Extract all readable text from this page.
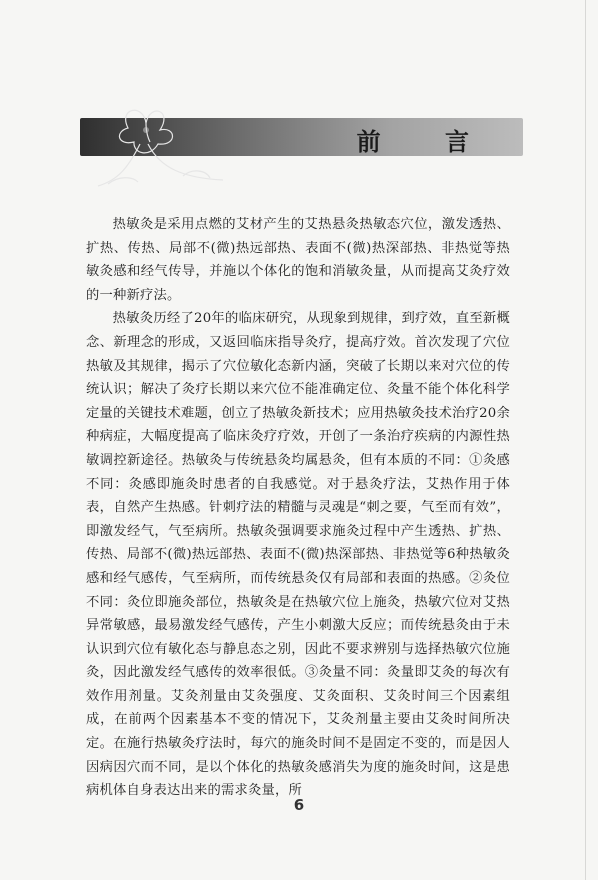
前 言

热敏灸是采用点燃的艾材产生的艾热悬灸热敏态穴位，激发透热、扩热、传热、局部不(微)热远部热、表面不(微)热深部热、非热觉等热敏灸感和经气传导，并施以个体化的饱和消敏灸量，从而提高艾灸疗效的一种新疗法。

热敏灸历经了20年的临床研究，从现象到规律，到疗效，直至新概念、新理念的形成，又返回临床指导灸疗，提高疗效。首次发现了穴位热敏及其规律，揭示了穴位敏化态新内涵，突破了长期以来对穴位的传统认识；解决了灸疗长期以来穴位不能准确定位、灸量不能个体化科学定量的关键技术难题，创立了热敏灸新技术；应用热敏灸技术治疗20余种病症，大幅度提高了临床灸疗疗效，开创了一条治疗疾病的内源性热敏调控新途径。热敏灸与传统悬灸均属悬灸，但有本质的不同：①灸感不同：灸感即施灸时患者的自我感觉。对于悬灸疗法，艾热作用于体表，自然产生热感。针刺疗法的精髓与灵魂是“刺之要，气至而有效”，即激发经气，气至病所。热敏灸强调要求施灸过程中产生透热、扩热、传热、局部不(微)热远部热、表面不(微)热深部热、非热觉等6种热敏灸感和经气感传，气至病所，而传统悬灸仅有局部和表面的热感。②灸位不同：灸位即施灸部位，热敏灸是在热敏穴位上施灸，热敏穴位对艾热异常敏感，最易激发经气感传，产生小刺激大反应；而传统悬灸由于未认识到穴位有敏化态与静息态之别，因此不要求辨别与选择热敏穴位施灸，因此激发经气感传的效率很低。③灸量不同：灸量即艾灸的每次有效作用剂量。艾灸剂量由艾灸强度、艾灸面积、艾灸时间三个因素组成，在前两个因素基本不变的情况下，艾灸剂量主要由艾灸时间所决定。在施行热敏灸疗法时，每穴的施灸时间不是固定不变的，而是因人因病因穴而不同，是以个体化的热敏灸感消失为度的施灸时间，这是患病机体自身表达出来的需求灸量，所

6
